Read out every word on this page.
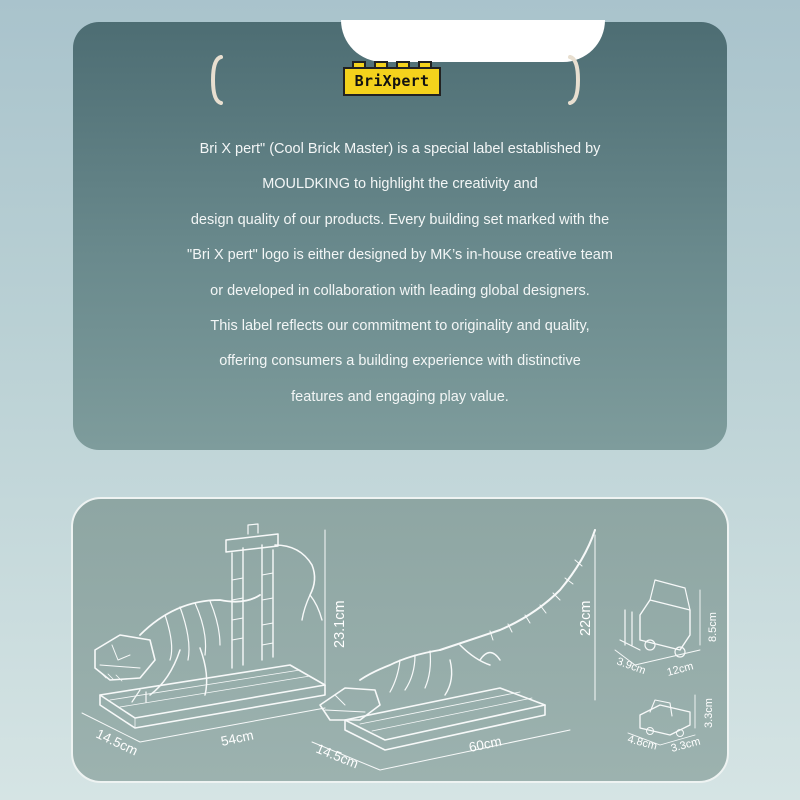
BriXpert
Bri X pert" (Cool Brick Master) is a special label established by
MOULDKING to highlight the creativity and
design quality of our products. Every building set marked with the
"Bri X pert" logo is either designed by MK’s in-house creative team
or developed in collaboration with leading global designers.
This label reflects our commitment to originality and quality,
offering consumers a building experience with distinctive
features and engaging play value.
23.1cm
14.5cm	54cm
22cm
14.5cm	60cm
8.5cm
3.9cm 12cm
3.3cm
4.8cm 3.3cm
